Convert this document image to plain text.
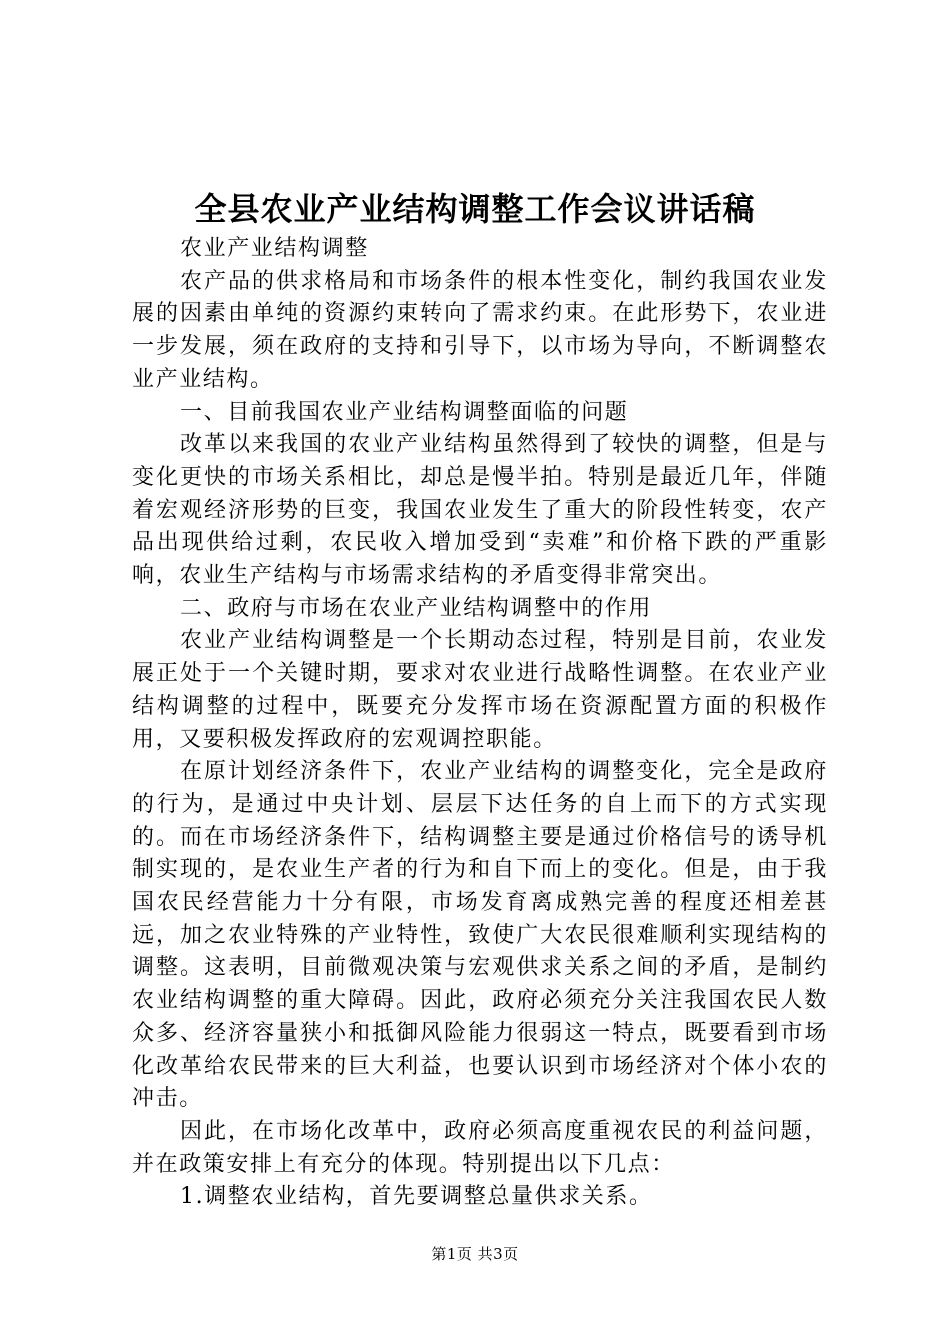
全县农业产业结构调整工作会议讲话稿

农业产业结构调整

农产品的供求格局和市场条件的根本性变化，制约我国农业发展的因素由单纯的资源约束转向了需求约束。在此形势下，农业进一步发展，须在政府的支持和引导下，以市场为导向，不断调整农业产业结构。

一、目前我国农业产业结构调整面临的问题

改革以来我国的农业产业结构虽然得到了较快的调整，但是与变化更快的市场关系相比，却总是慢半拍。特别是最近几年，伴随着宏观经济形势的巨变，我国农业发生了重大的阶段性转变，农产品出现供给过剩，农民收入增加受到“卖难”和价格下跌的严重影响，农业生产结构与市场需求结构的矛盾变得非常突出。

二、政府与市场在农业产业结构调整中的作用

农业产业结构调整是一个长期动态过程，特别是目前，农业发展正处于一个关键时期，要求对农业进行战略性调整。在农业产业结构调整的过程中，既要充分发挥市场在资源配置方面的积极作用，又要积极发挥政府的宏观调控职能。

在原计划经济条件下，农业产业结构的调整变化，完全是政府的行为，是通过中央计划、层层下达任务的自上而下的方式实现的。而在市场经济条件下，结构调整主要是通过价格信号的诱导机制实现的，是农业生产者的行为和自下而上的变化。但是，由于我国农民经营能力十分有限，市场发育离成熟完善的程度还相差甚远，加之农业特殊的产业特性，致使广大农民很难顺利实现结构的调整。这表明，目前微观决策与宏观供求关系之间的矛盾，是制约农业结构调整的重大障碍。因此，政府必须充分关注我国农民人数众多、经济容量狭小和抵御风险能力很弱这一特点，既要看到市场化改革给农民带来的巨大利益，也要认识到市场经济对个体小农的冲击。

因此，在市场化改革中，政府必须高度重视农民的利益问题，并在政策安排上有充分的体现。特别提出以下几点：

1.调整农业结构，首先要调整总量供求关系。

第1页 共3页
